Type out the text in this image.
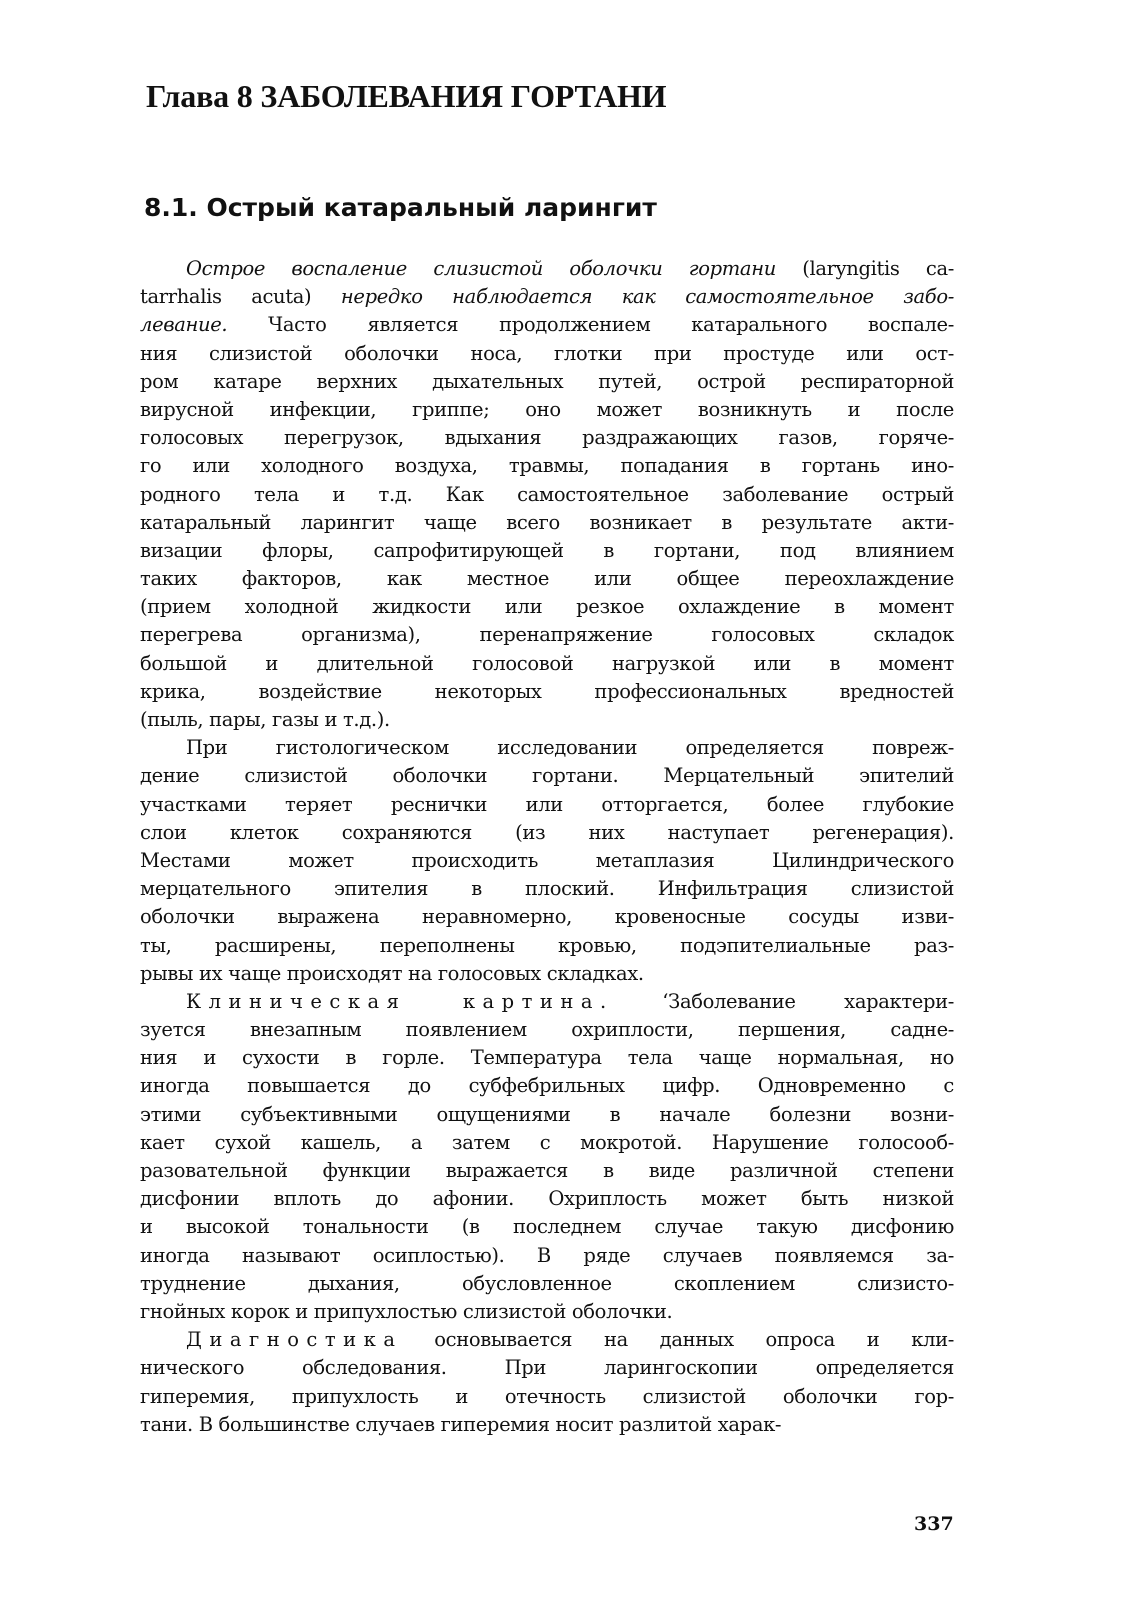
Глава 8 ЗАБОЛЕВАНИЯ ГОРТАНИ
8.1. Острый катаральный ларингит
Острое воспаление слизистой оболочки гортани (laryngitis ca-
tarrhalis acuta) нередко наблюдается как самостоятельное забо-
левание. Часто является продолжением катарального воспале-
ния слизистой оболочки носа, глотки при простуде или ост-
ром катаре верхних дыхательных путей, острой респираторной
вирусной инфекции, гриппе; оно может возникнуть и после
голосовых перегрузок, вдыхания раздражающих газов, горяче-
го или холодного воздуха, травмы, попадания в гортань ино-
родного тела и т.д. Как самостоятельное заболевание острый
катаральный ларингит чаще всего возникает в результате акти-
визации флоры, сапрофитирующей в гортани, под влиянием
таких факторов, как местное или общее переохлаждение
(прием холодной жидкости или резкое охлаждение в момент
перегрева организма), перенапряжение голосовых складок
большой и длительной голосовой нагрузкой или в момент
крика, воздействие некоторых профессиональных вредностей
(пыль, пары, газы и т.д.).
При гистологическом исследовании определяется повреж-
дение слизистой оболочки гортани. Мерцательный эпителий
участками теряет реснички или отторгается, более глубокие
слои клеток сохраняются (из них наступает регенерация).
Местами может происходить метаплазия Цилиндрического
мерцательного эпителия в плоский. Инфильтрация слизистой
оболочки выражена неравномерно, кровеносные сосуды изви-
ты, расширены, переполнены кровью, подэпителиальные раз-
рывы их чаще происходят на голосовых складках.
Клиническая картина. ‘Заболевание характери-
зуется внезапным появлением охриплости, першения, садне-
ния и сухости в горле. Температура тела чаще нормальная, но
иногда повышается до субфебрильных цифр. Одновременно с
этими субъективными ощущениями в начале болезни возни-
кает сухой кашель, а затем с мокротой. Нарушение голосооб-
разовательной функции выражается в виде различной степени
дисфонии вплоть до афонии. Охриплость может быть низкой
и высокой тональности (в последнем случае такую дисфонию
иногда называют осиплостью). В ряде случаев появляемся за-
труднение дыхания, обусловленное скоплением слизисто-
гнойных корок и припухлостью слизистой оболочки.
Диагностика основывается на данных опроса и кли-
нического обследования. При ларингоскопии определяется
гиперемия, припухлость и отечность слизистой оболочки гор-
тани. В большинстве случаев гиперемия носит разлитой харак-
337
